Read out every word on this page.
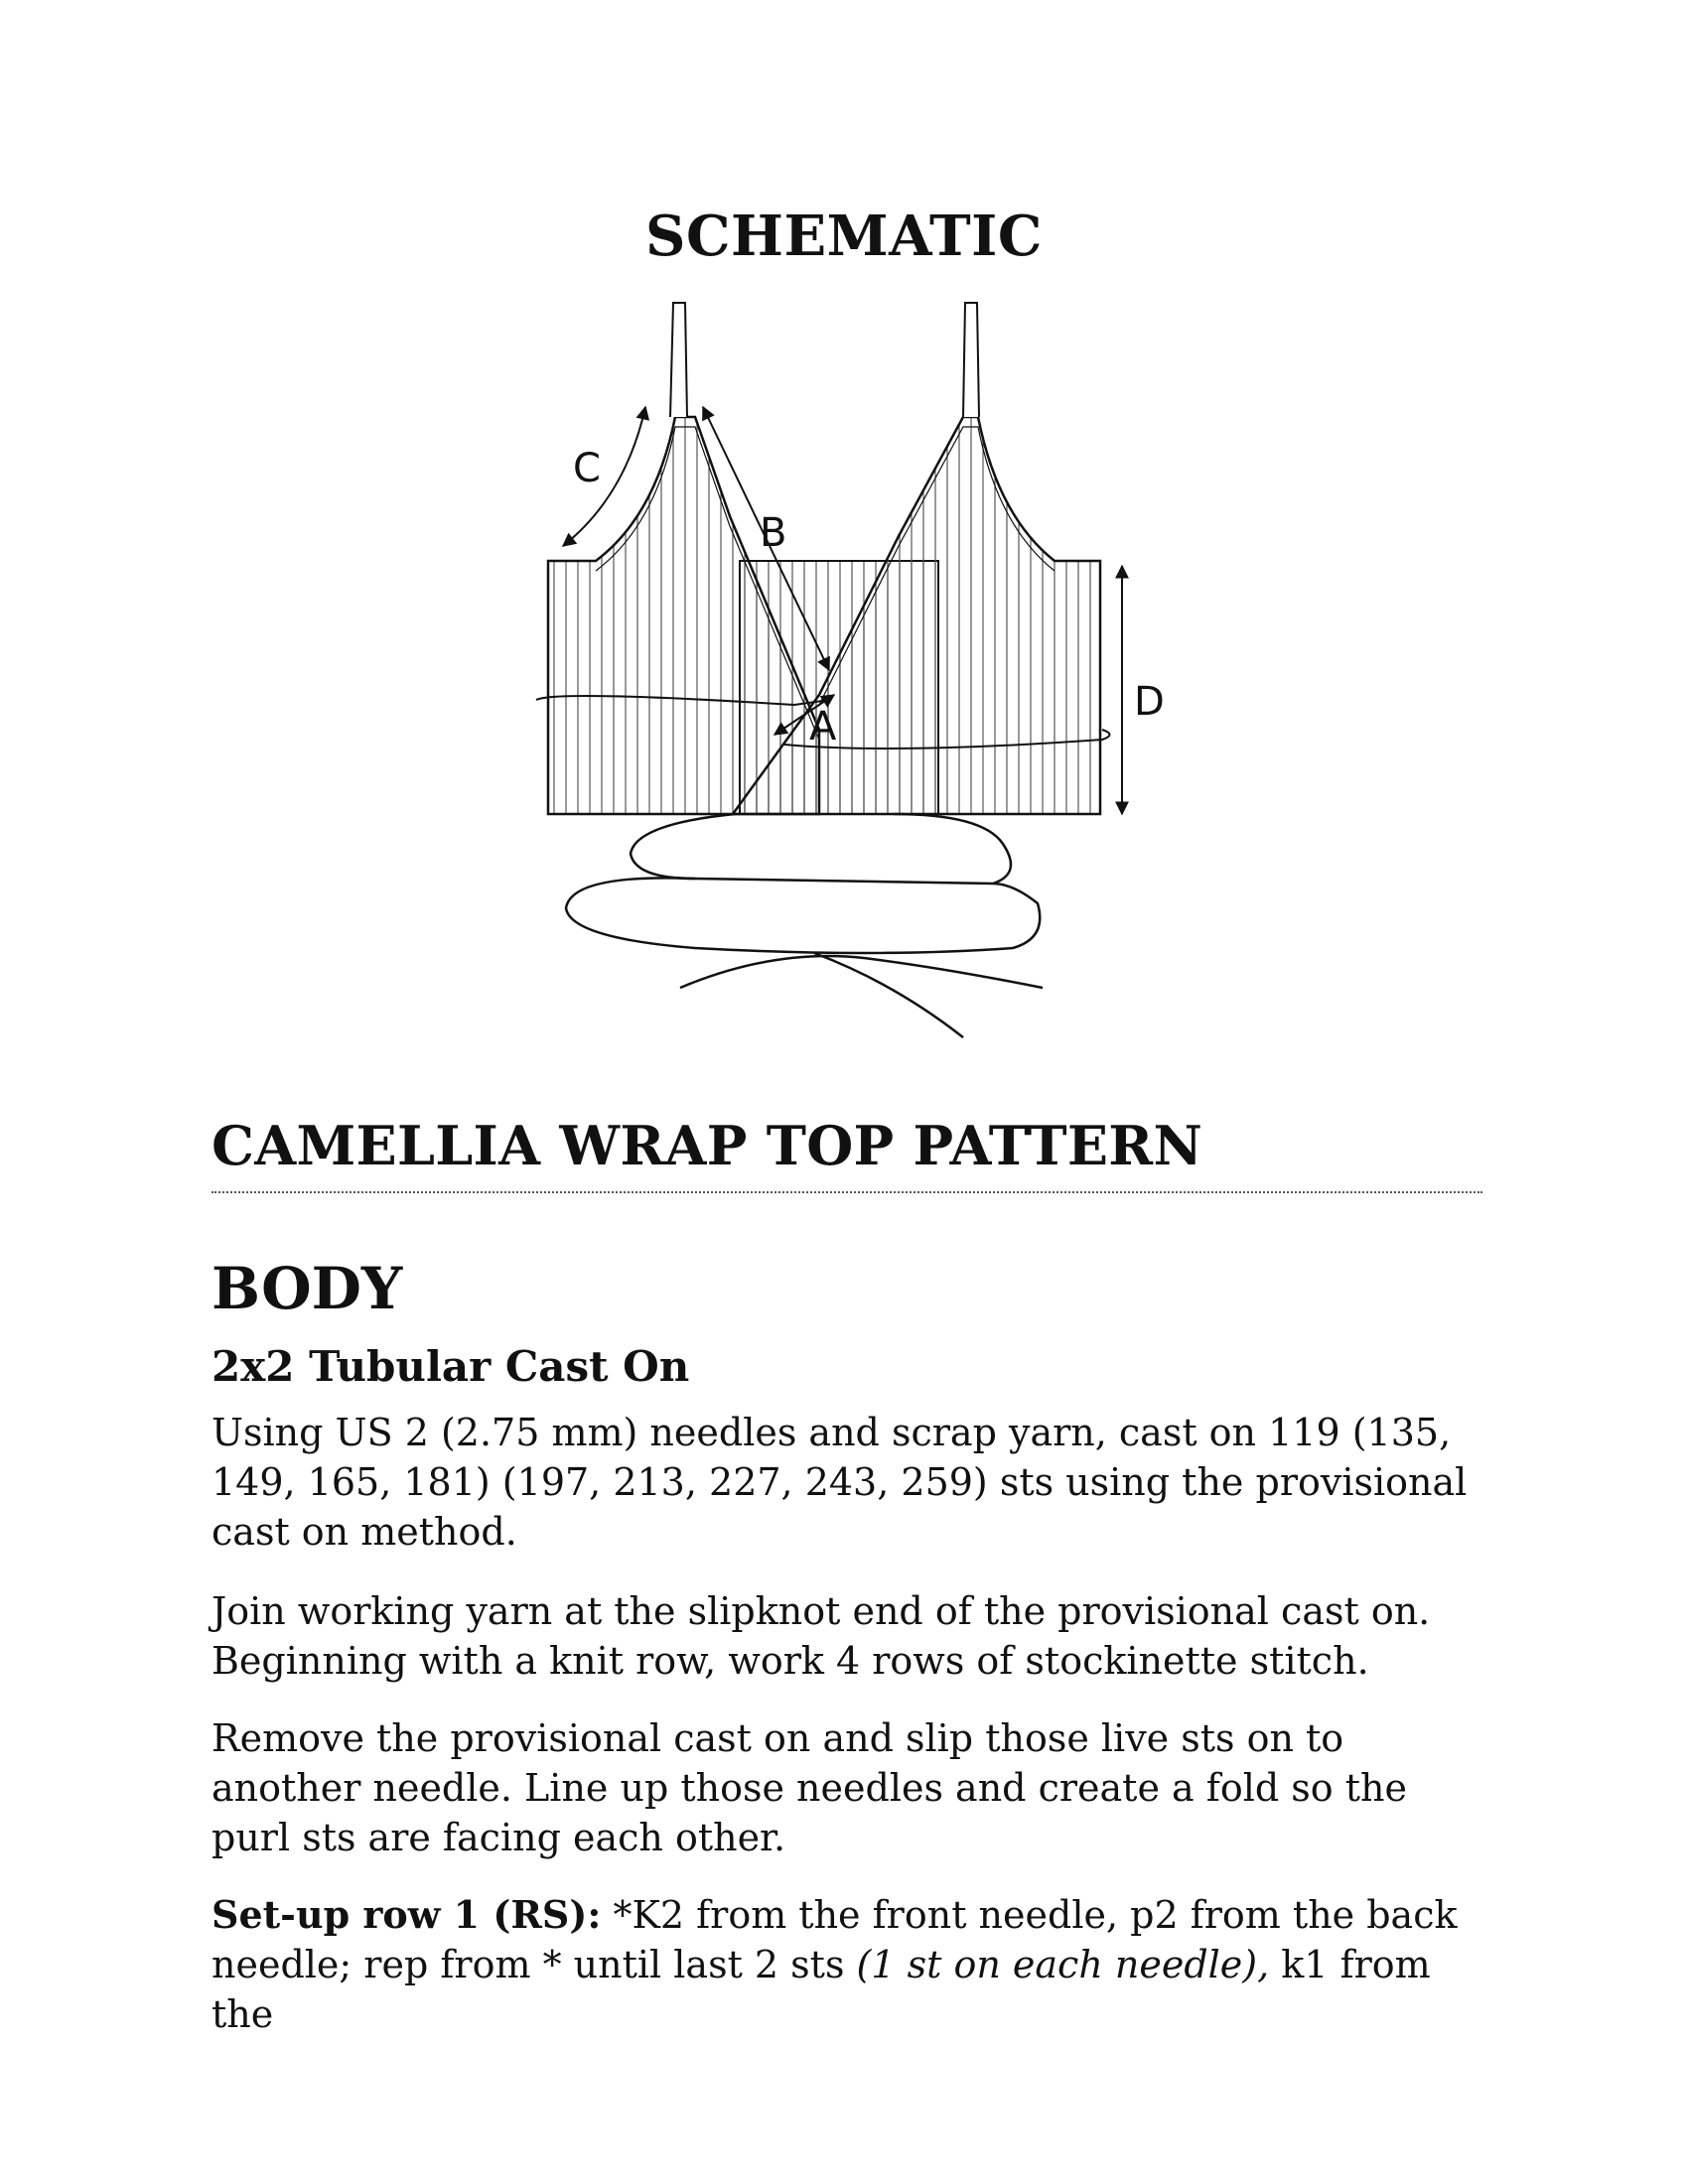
SCHEMATIC
C
B
A
D
CAMELLIA WRAP TOP PATTERN
BODY
2x2 Tubular Cast On

Using US 2 (2.75 mm) needles and scrap yarn, cast on 119 (135, 149, 165, 181) (197, 213, 227, 243, 259) sts using the provisional cast on method.

Join working yarn at the slipknot end of the provisional cast on. Beginning with a knit row, work 4 rows of stockinette stitch.

Remove the provisional cast on and slip those live sts on to another needle. Line up those needles and create a fold so the purl sts are facing each other.

Set-up row 1 (RS): *K2 from the front needle, p2 from the back needle; rep from * until last 2 sts (1 st on each needle), k1 from the
